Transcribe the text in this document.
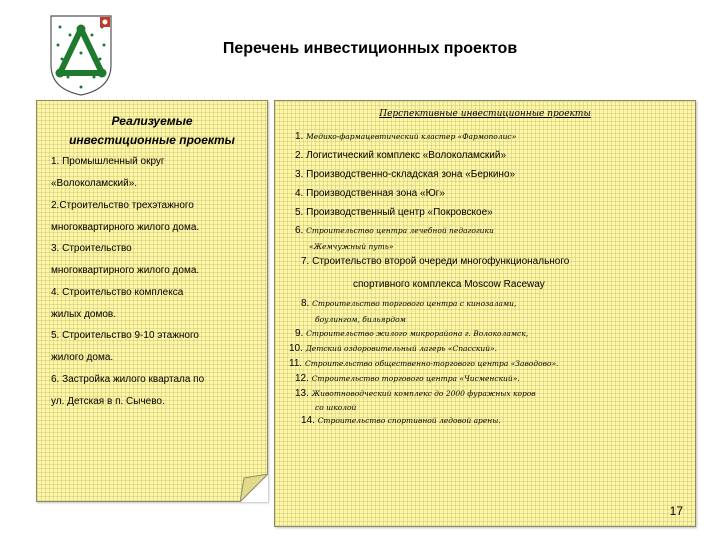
Перечень инвестиционных проектов
Реализуемые
инвестиционные проекты
1. Промышленный округ
«Волоколамский».
2.Строительство трехэтажного
многоквартирного жилого дома.
3. Строительство
многоквартирного жилого дома.
4. Строительство комплекса
жилых домов.
5. Строительство 9-10 этажного
жилого дома.
6. Застройка жилого квартала по
ул. Детская в п. Сычево.
Перспективные инвестиционные проекты
1. Медико-фармацевтический кластер «Фармополис»
2. Логистический комплекс «Волоколамский»
3. Производственно-складская зона «Беркино»
4. Производственная зона «Юг»
5. Производственный центр «Покровское»
6. Строительство центра лечебной педагогики
«Жемчужный путь»
7. Строительство второй очереди многофункционального
спортивного комплекса Moscow Raceway
8. Строительство торгового центра с кинозалами,
боулингом, бильярдом
9. Строительство жилого микрорайона г. Волоколамск,
10. Детский оздоровительный лагерь «Спасский».
11. Строительство общественно-торгового центра «Заводово».
12. Строительство торгового центра «Чисменский».
13. Животноводческий комплекс до 2000 фуражных коров
со школой
14. Строительство спортивной ледовой арены.
17
